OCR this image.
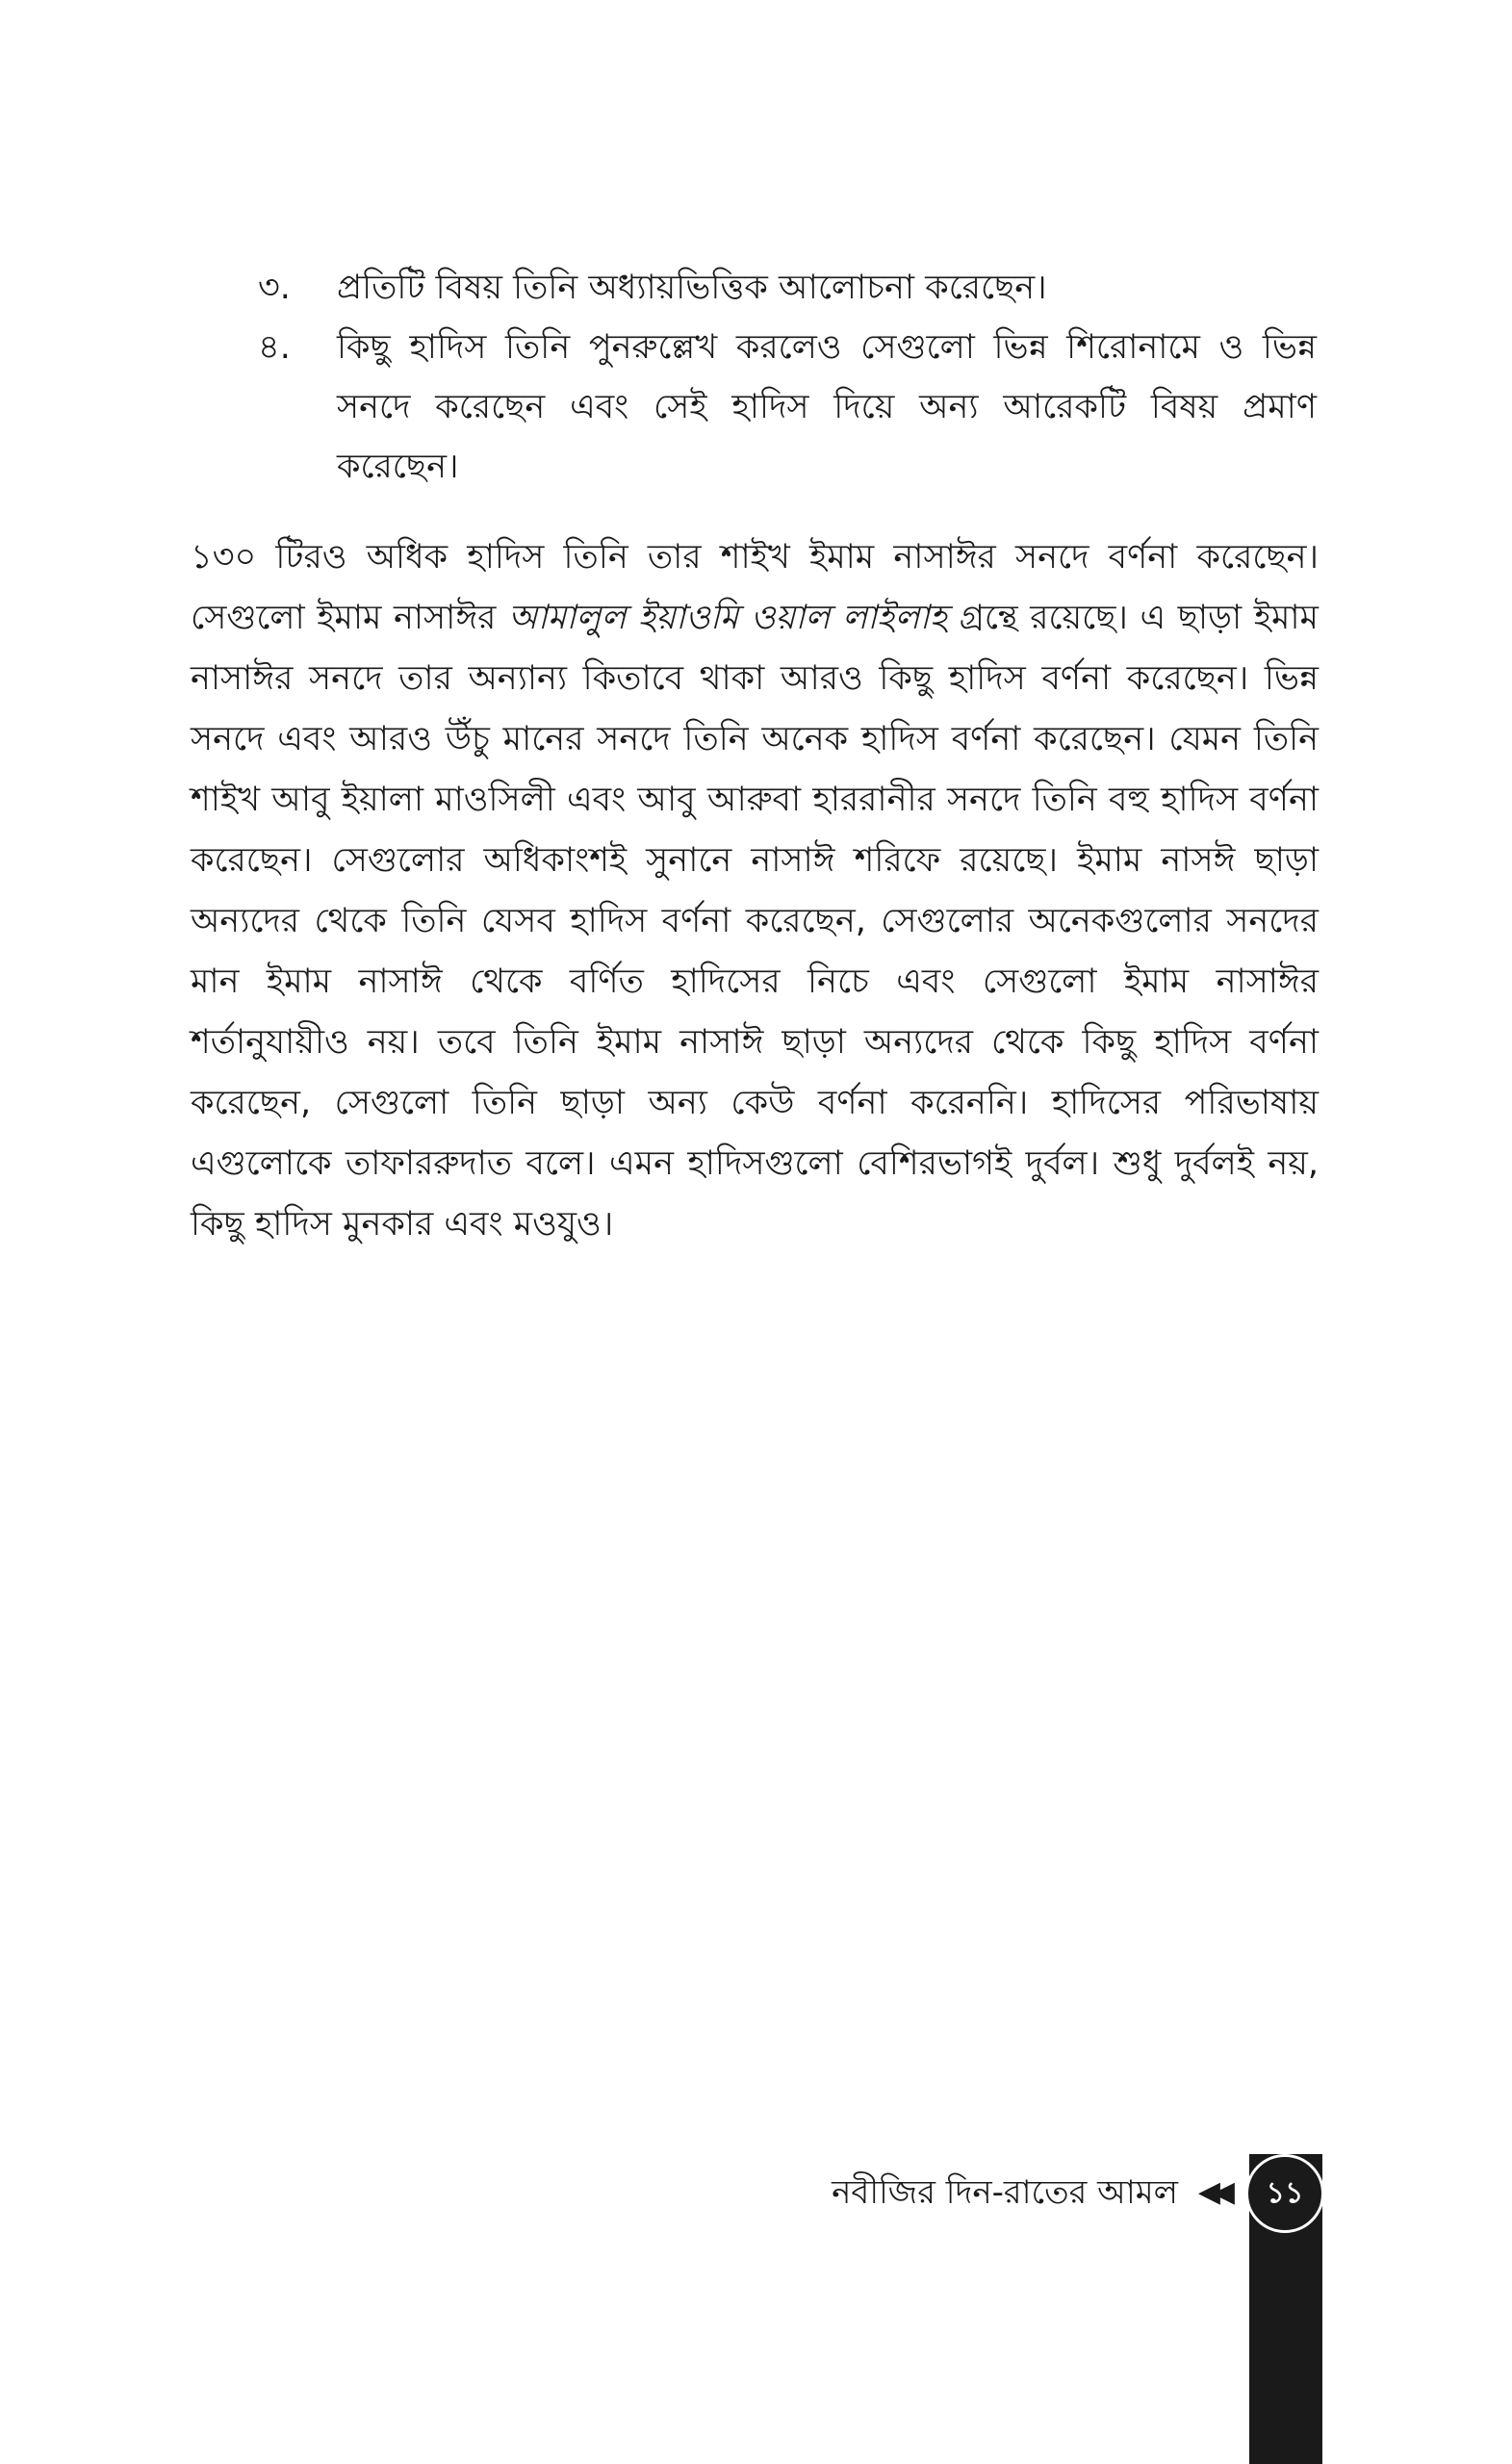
৩.	প্রতিটি বিষয় তিনি অধ্যায়ভিত্তিক আলোচনা করেছেন।
৪.	কিছু হাদিস তিনি পুনরুল্লেখ করলেও সেগুলো ভিন্ন শিরোনামে ও ভিন্ন সনদে করেছেন এবং সেই হাদিস দিয়ে অন্য আরেকটি বিষয় প্রমাণ করেছেন।

১৩০ টিরও অধিক হাদিস তিনি তার শাইখ ইমাম নাসাঈর সনদে বর্ণনা করেছেন। সেগুলো ইমাম নাসাঈর আমালুল ইয়াওমি ওয়াল লাইলাহ গ্রন্থে রয়েছে। এ ছাড়া ইমাম নাসাঈর সনদে তার অন্যান্য কিতাবে থাকা আরও কিছু হাদিস বর্ণনা করেছেন। ভিন্ন সনদে এবং আরও উঁচু মানের সনদে তিনি অনেক হাদিস বর্ণনা করেছেন। যেমন তিনি শাইখ আবু ইয়ালা মাওসিলী এবং আবু আরুবা হাররানীর সনদে তিনি বহু হাদিস বর্ণনা করেছেন। সেগুলোর অধিকাংশই সুনানে নাসাঈ শরিফে রয়েছে। ইমাম নাসঈ ছাড়া অন্যদের থেকে তিনি যেসব হাদিস বর্ণনা করেছেন, সেগুলোর অনেকগুলোর সনদের মান ইমাম নাসাঈ থেকে বর্ণিত হাদিসের নিচে এবং সেগুলো ইমাম নাসাঈর শর্তানুযায়ীও নয়। তবে তিনি ইমাম নাসাঈ ছাড়া অন্যদের থেকে কিছু হাদিস বর্ণনা করেছেন, সেগুলো তিনি ছাড়া অন্য কেউ বর্ণনা করেননি। হাদিসের পরিভাষায় এগুলোকে তাফাররুদাত বলে। এমন হাদিসগুলো বেশিরভাগই দুর্বল। শুধু দুর্বলই নয়, কিছু হাদিস মুনকার এবং মওযুও।

নবীজির দিন-রাতের আমল ◀◀ ১১
